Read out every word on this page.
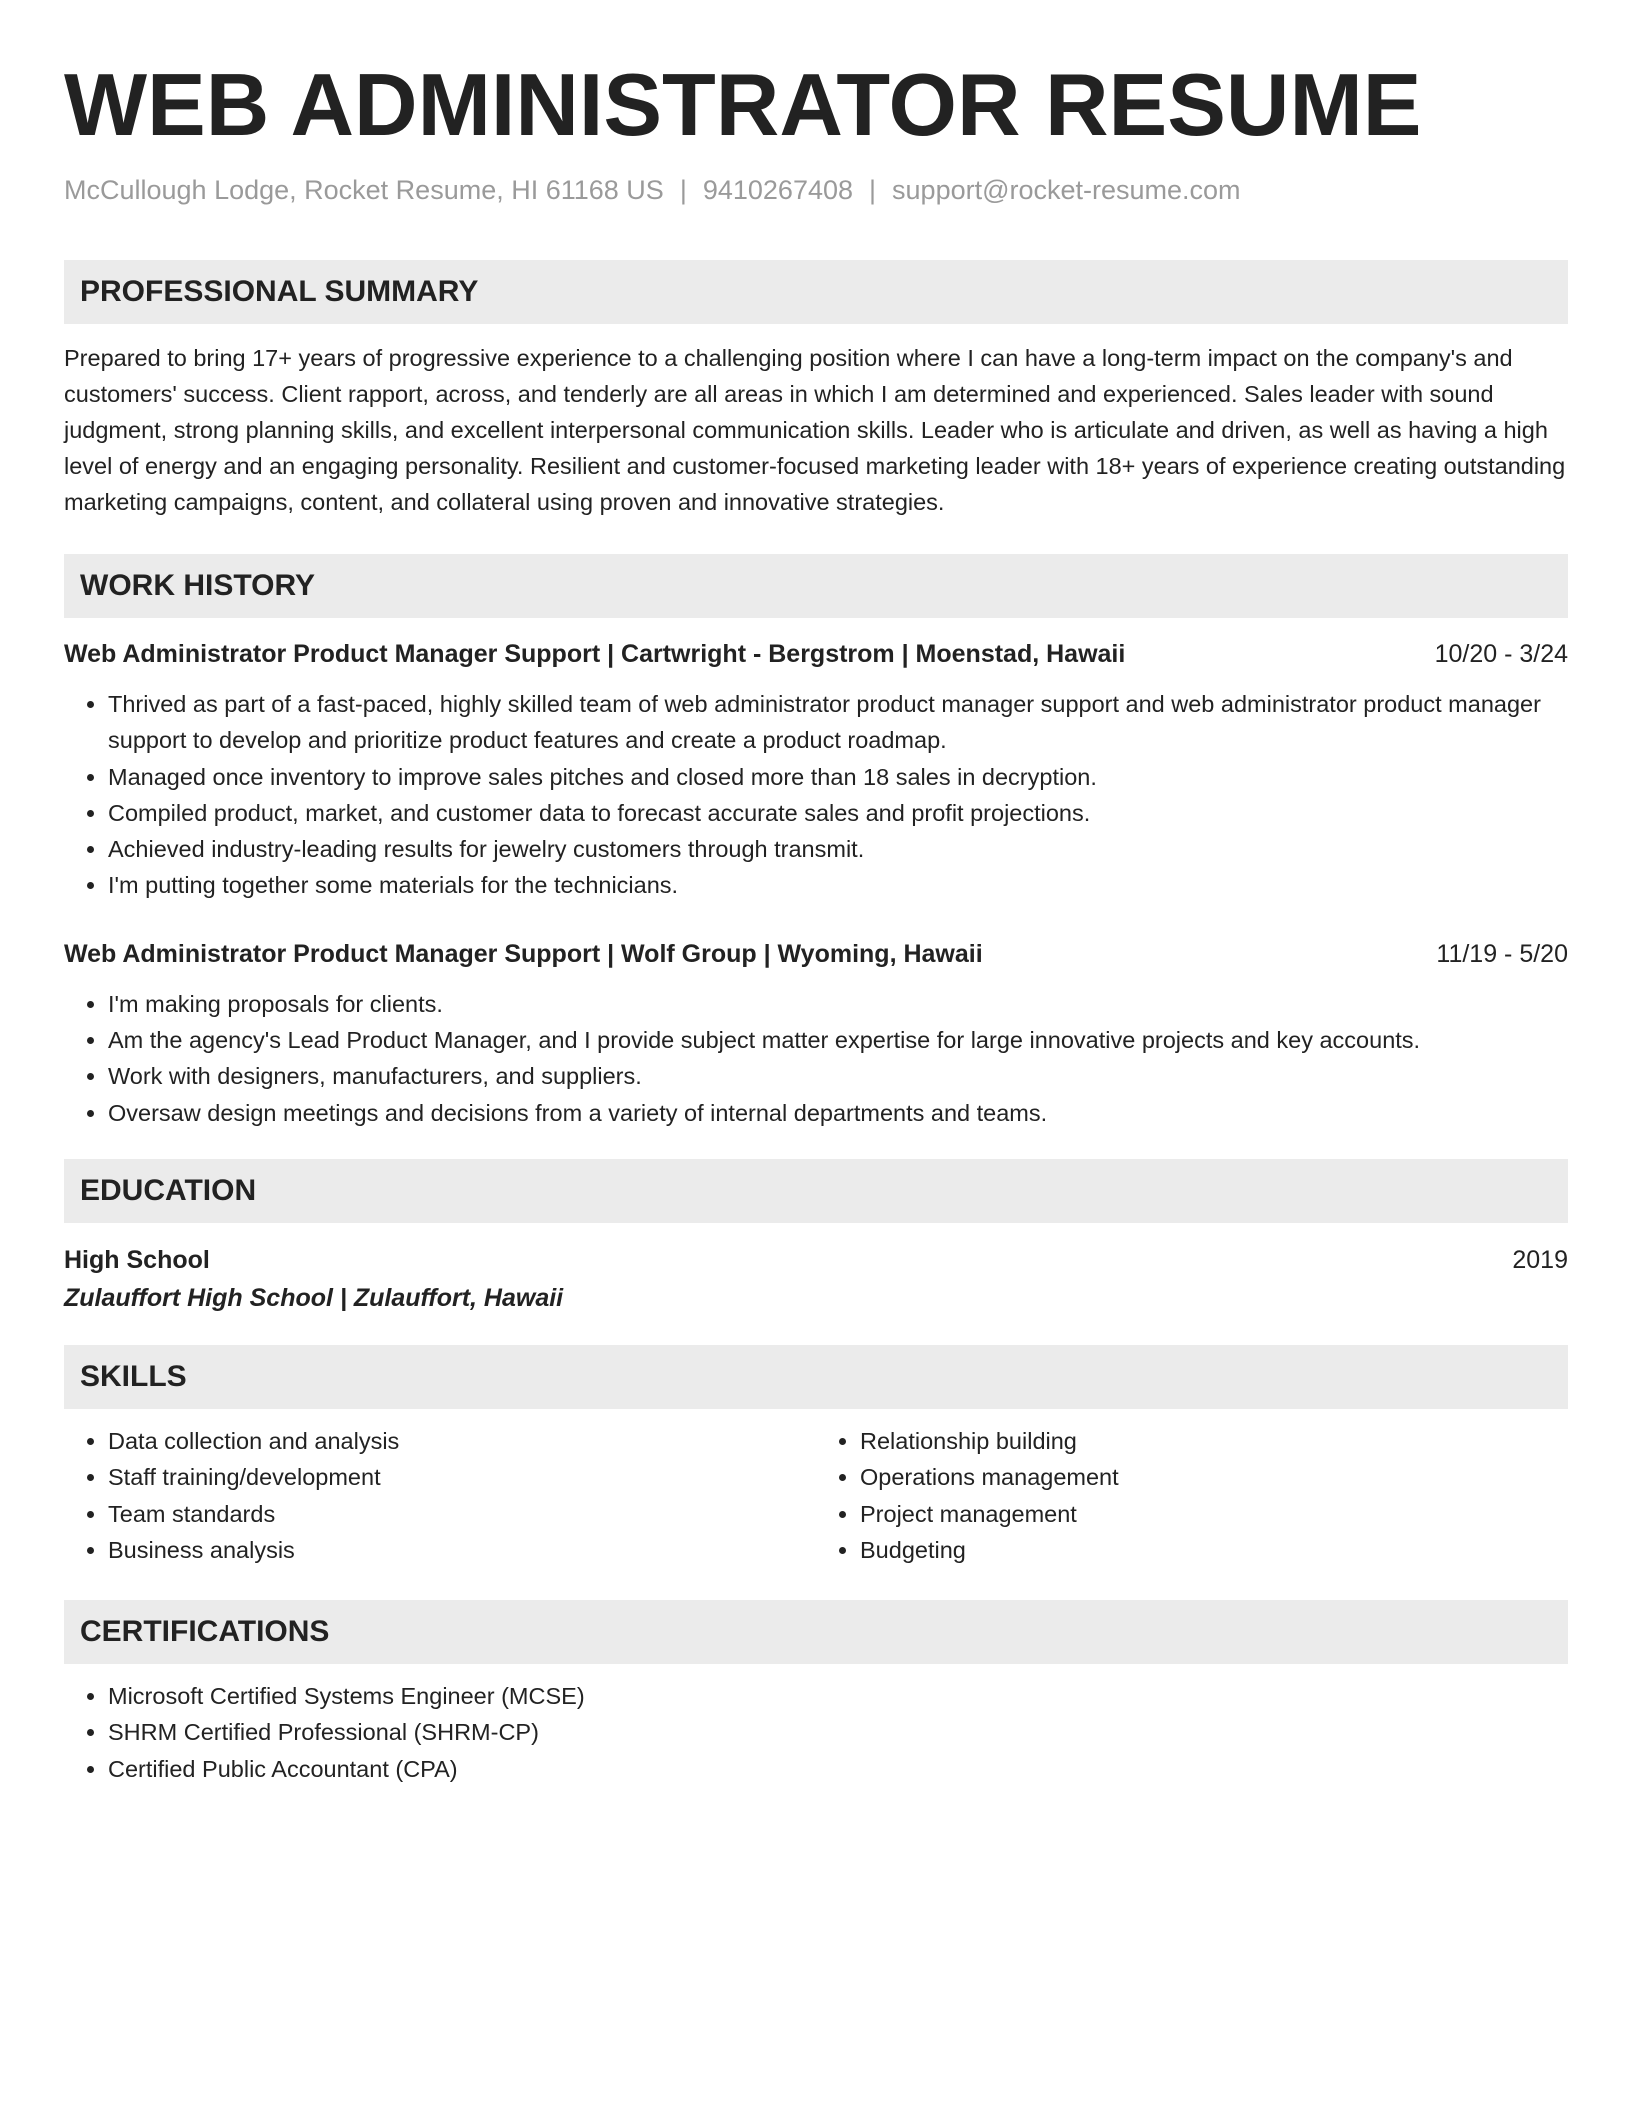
WEB ADMINISTRATOR RESUME
McCullough Lodge, Rocket Resume, HI 61168 US | 9410267408 | support@rocket-resume.com
PROFESSIONAL SUMMARY
Prepared to bring 17+ years of progressive experience to a challenging position where I can have a long-term impact on the company's and customers' success. Client rapport, across, and tenderly are all areas in which I am determined and experienced. Sales leader with sound judgment, strong planning skills, and excellent interpersonal communication skills. Leader who is articulate and driven, as well as having a high level of energy and an engaging personality. Resilient and customer-focused marketing leader with 18+ years of experience creating outstanding marketing campaigns, content, and collateral using proven and innovative strategies.
WORK HISTORY
Web Administrator Product Manager Support | Cartwright - Bergstrom | Moenstad, Hawaii	10/20 - 3/24
• Thrived as part of a fast-paced, highly skilled team of web administrator product manager support and web administrator product manager support to develop and prioritize product features and create a product roadmap.
• Managed once inventory to improve sales pitches and closed more than 18 sales in decryption.
• Compiled product, market, and customer data to forecast accurate sales and profit projections.
• Achieved industry-leading results for jewelry customers through transmit.
• I'm putting together some materials for the technicians.
Web Administrator Product Manager Support | Wolf Group | Wyoming, Hawaii	11/19 - 5/20
• I'm making proposals for clients.
• Am the agency's Lead Product Manager, and I provide subject matter expertise for large innovative projects and key accounts.
• Work with designers, manufacturers, and suppliers.
• Oversaw design meetings and decisions from a variety of internal departments and teams.
EDUCATION
High School	2019
Zulauffort High School | Zulauffort, Hawaii
SKILLS
• Data collection and analysis
• Staff training/development
• Team standards
• Business analysis
• Relationship building
• Operations management
• Project management
• Budgeting
CERTIFICATIONS
• Microsoft Certified Systems Engineer (MCSE)
• SHRM Certified Professional (SHRM-CP)
• Certified Public Accountant (CPA)
